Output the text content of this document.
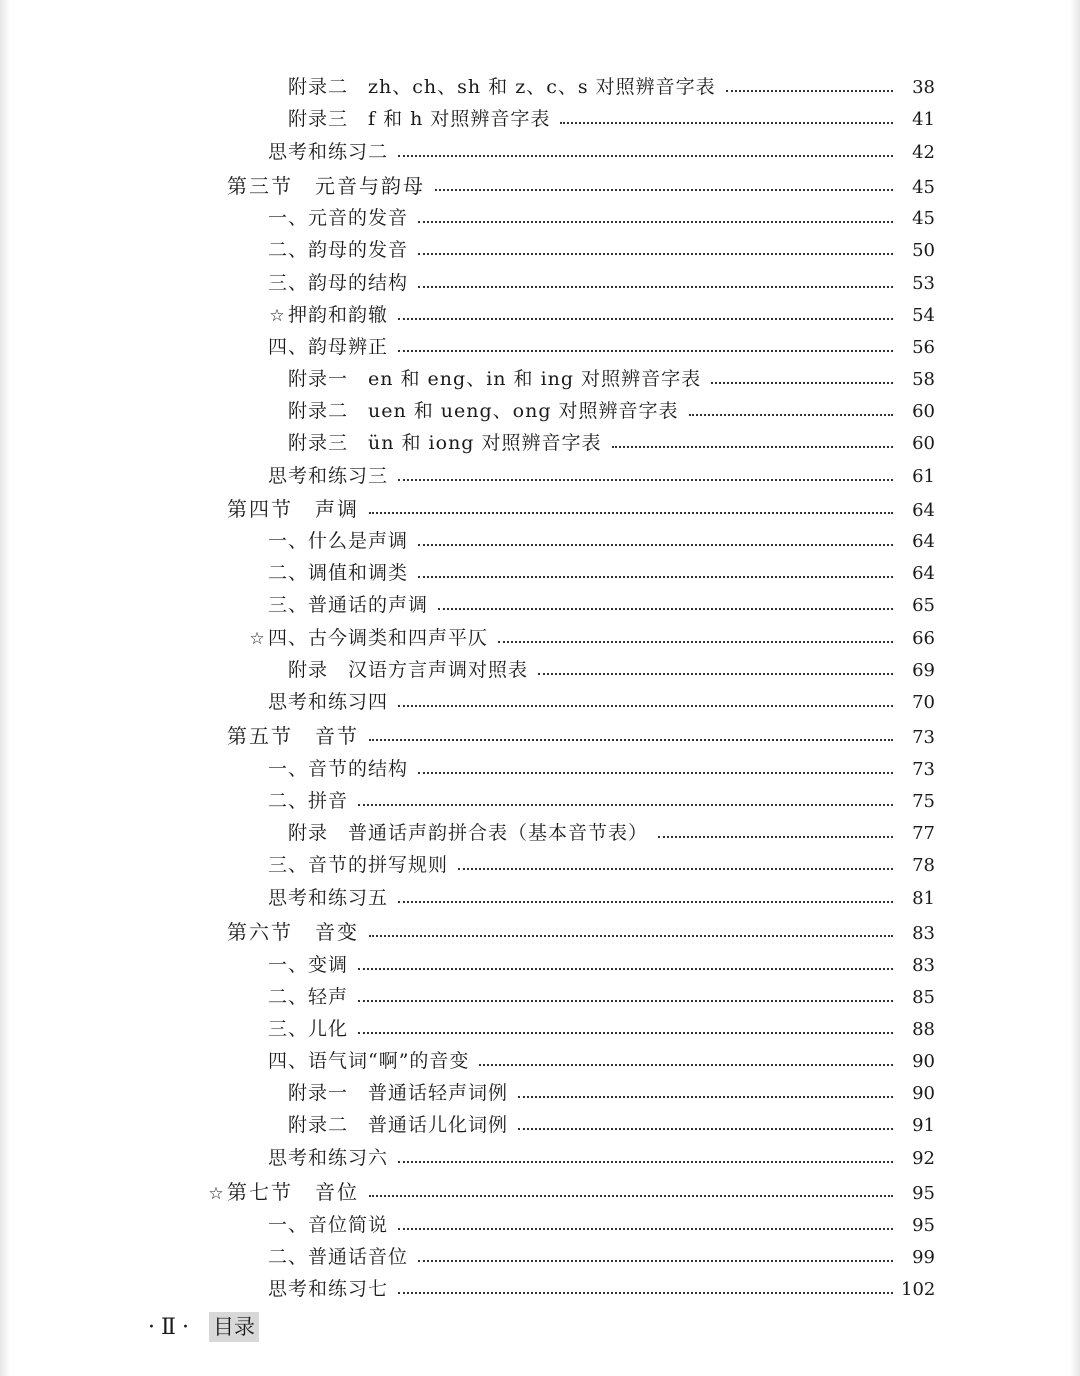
附录二　zh、ch、sh 和 z、c、s 对照辨音字表	38
附录三　f 和 h 对照辨音字表	41
思考和练习二	42
第三节　元音与韵母	45
一、元音的发音	45
二、韵母的发音	50
三、韵母的结构	53
☆ 押韵和韵辙	54
四、韵母辨正	56
附录一　en 和 eng、in 和 ing 对照辨音字表	58
附录二　uen 和 ueng、ong 对照辨音字表	60
附录三　ün 和 iong 对照辨音字表	60
思考和练习三	61
第四节　声调	64
一、什么是声调	64
二、调值和调类	64
三、普通话的声调	65
☆ 四、古今调类和四声平仄	66
附录　汉语方言声调对照表	69
思考和练习四	70
第五节　音节	73
一、音节的结构	73
二、拼音	75
附录　普通话声韵拼合表（基本音节表）	77
三、音节的拼写规则	78
思考和练习五	81
第六节　音变	83
一、变调	83
二、轻声	85
三、儿化	88
四、语气词“啊”的音变	90
附录一　普通话轻声词例	90
附录二　普通话儿化词例	91
思考和练习六	92
☆ 第七节　音位	95
一、音位简说	95
二、普通话音位	99
思考和练习七	102
·Ⅱ· 目录
